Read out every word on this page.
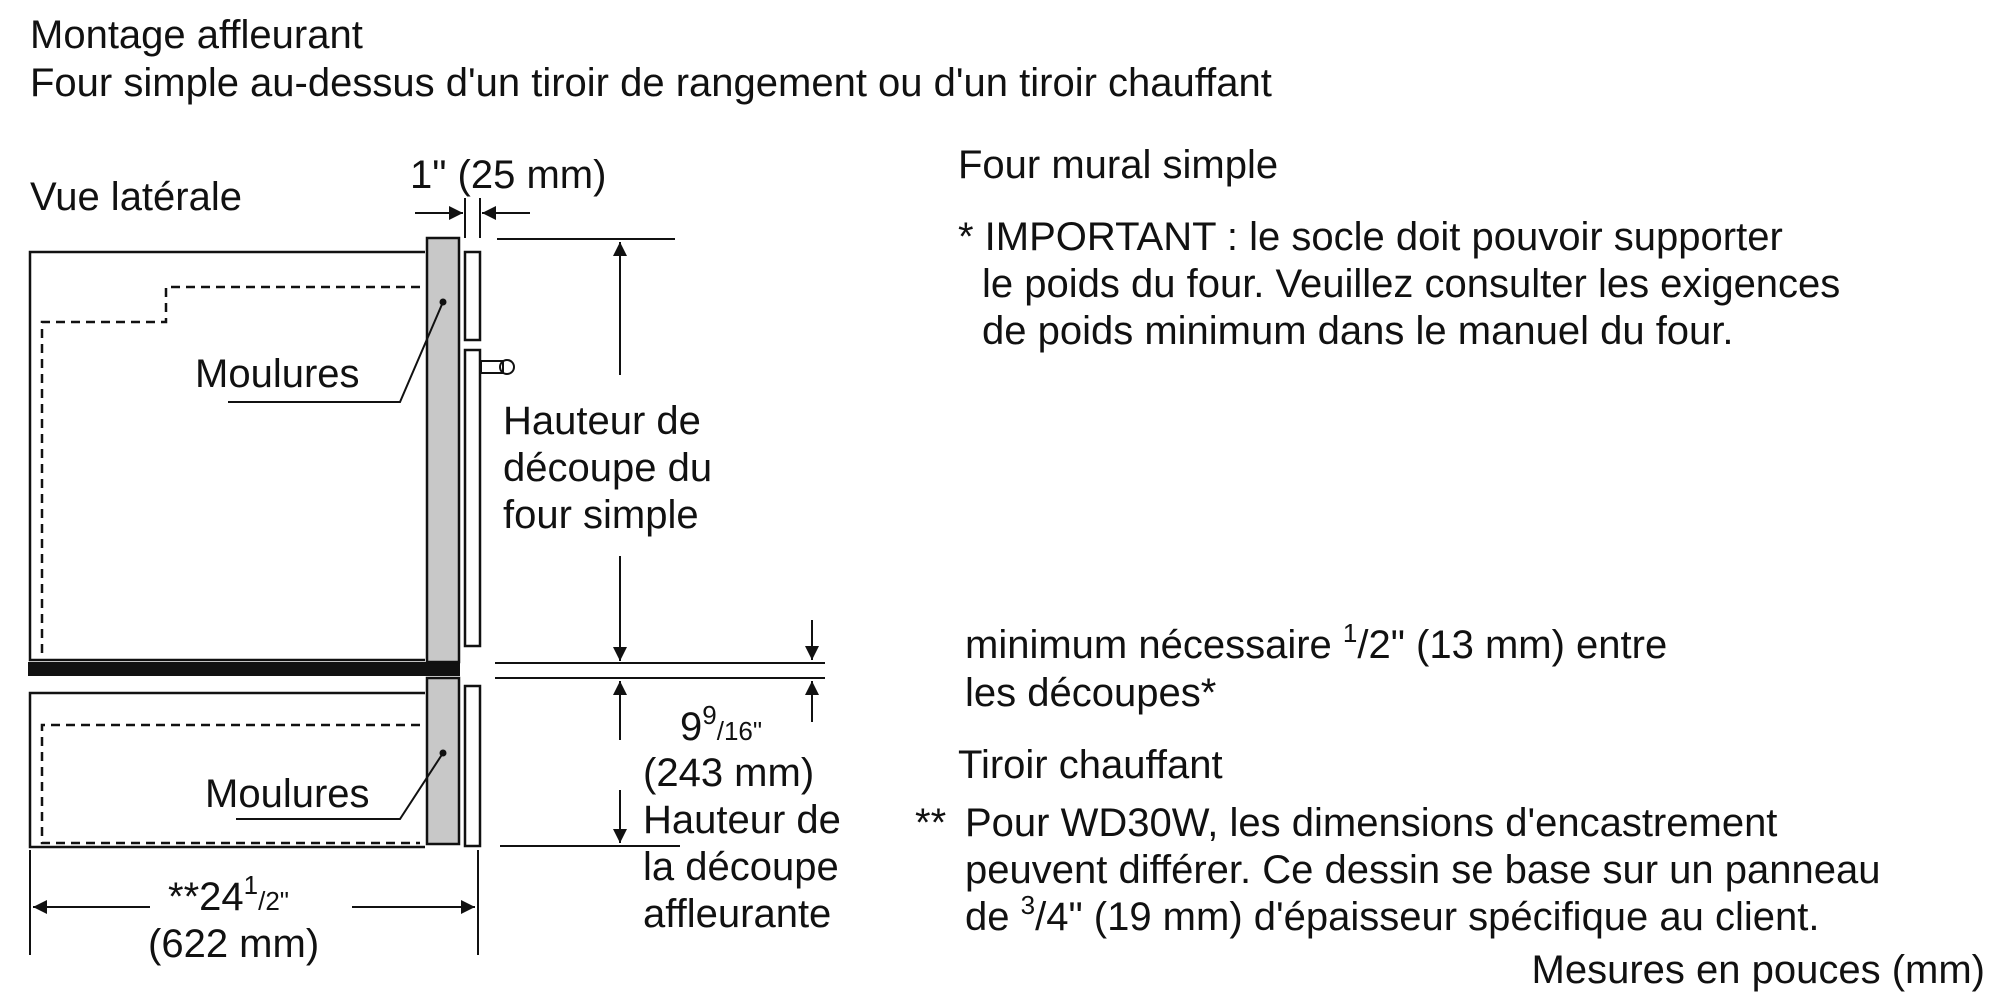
Montage affleurant
Four simple au-dessus d'un tiroir de rangement ou d'un tiroir chauffant
Vue latérale	1" (25 mm)
Moulures
Moulures
Hauteur de
découpe du
four simple
$9^9_{/16"}$
(243 mm)
Hauteur de
la découpe
affleurante
$**24^1_{/2"}$
(622 mm)
Four mural simple
* IMPORTANT : le socle doit pouvoir supporter
le poids du four. Veuillez consulter les exigences
de poids minimum dans le manuel du four.
minimum nécessaire $^1$/2" (13 mm) entre
les découpes*
Tiroir chauffant
** Pour WD30W, les dimensions d'encastrement
peuvent différer. Ce dessin se base sur un panneau
de $^3$/4" (19 mm) d'épaisseur spécifique au client.
Mesures en pouces (mm)
